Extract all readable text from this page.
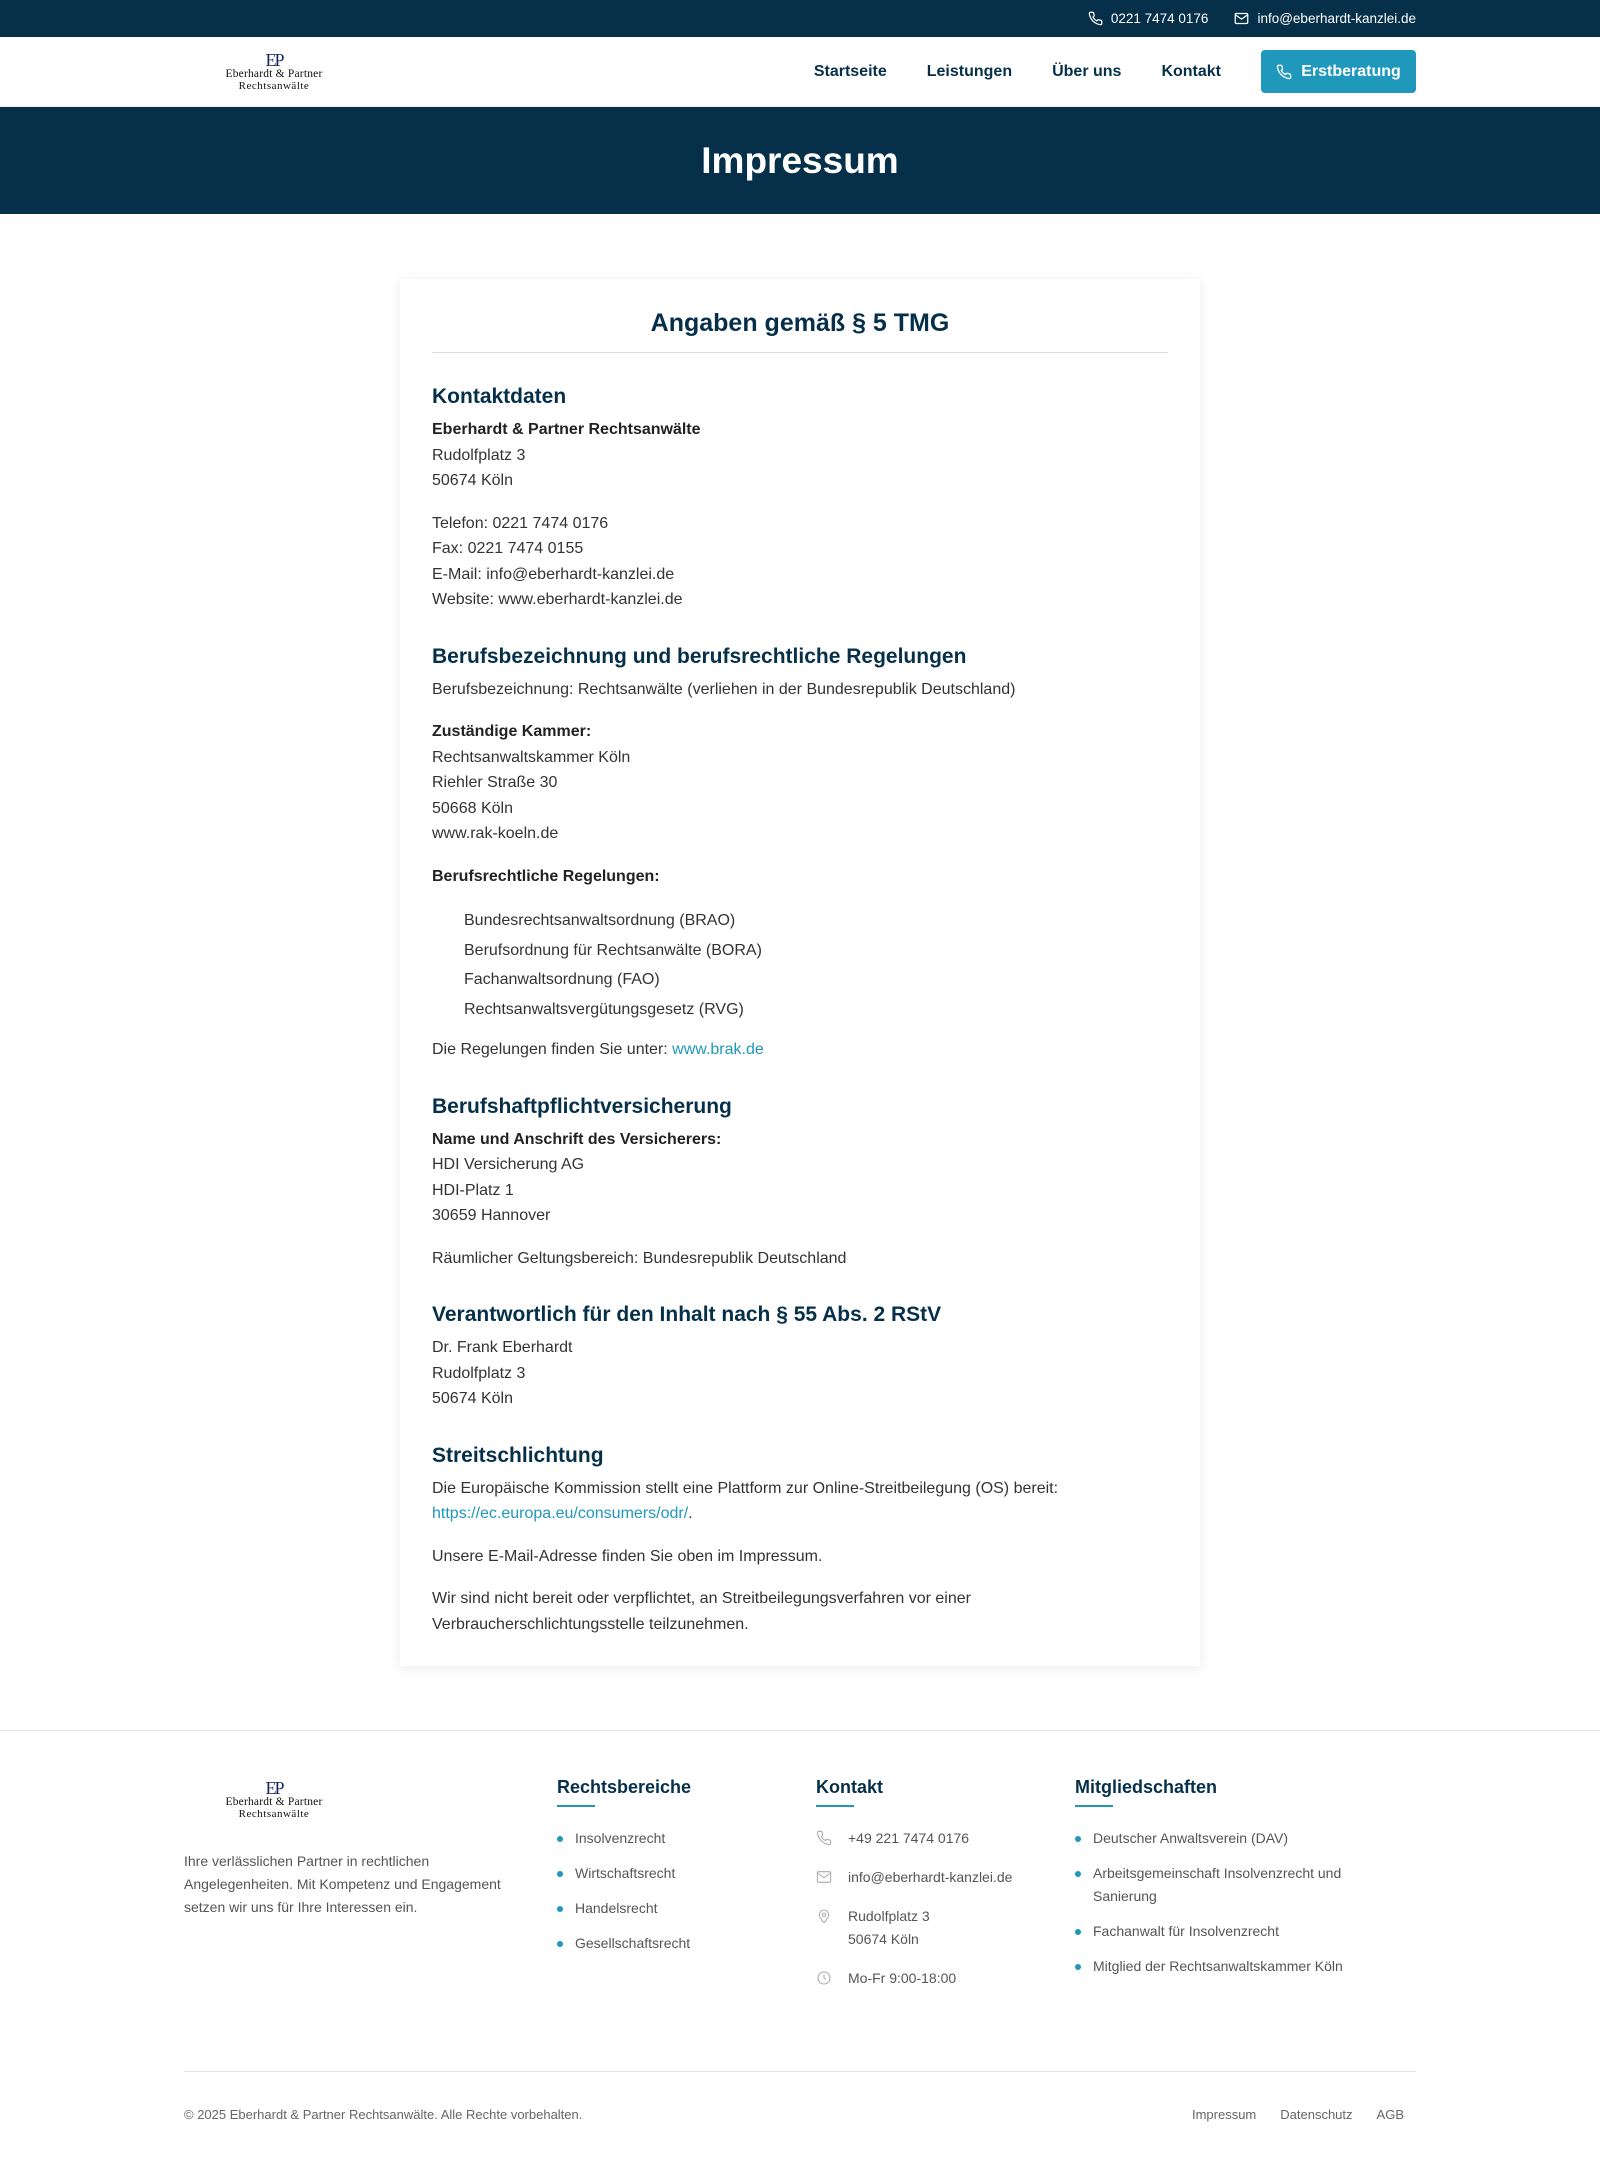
0221 7474 0176	info@eberhardt-kanzlei.de
EP
Eberhardt & Partner
Rechtsanwälte
Startseite	Leistungen	Über uns	Kontakt	Erstberatung
Impressum
Angaben gemäß § 5 TMG
Kontaktdaten

Eberhardt & Partner Rechtsanwälte
Rudolfplatz 3
50674 Köln

Telefon: 0221 7474 0176
Fax: 0221 7474 0155
E-Mail: info@eberhardt-kanzlei.de
Website: www.eberhardt-kanzlei.de

Berufsbezeichnung und berufsrechtliche Regelungen

Berufsbezeichnung: Rechtsanwälte (verliehen in der Bundesrepublik Deutschland)

Zuständige Kammer:
Rechtsanwaltskammer Köln
Riehler Straße 30
50668 Köln
www.rak-koeln.de

Berufsrechtliche Regelungen:

Bundesrechtsanwaltsordnung (BRAO)
Berufsordnung für Rechtsanwälte (BORA)
Fachanwaltsordnung (FAO)
Rechtsanwaltsvergütungsgesetz (RVG)

Die Regelungen finden Sie unter: www.brak.de

Berufshaftpflichtversicherung

Name und Anschrift des Versicherers:
HDI Versicherung AG
HDI-Platz 1
30659 Hannover

Räumlicher Geltungsbereich: Bundesrepublik Deutschland

Verantwortlich für den Inhalt nach § 55 Abs. 2 RStV

Dr. Frank Eberhardt
Rudolfplatz 3
50674 Köln

Streitschlichtung

Die Europäische Kommission stellt eine Plattform zur Online-Streitbeilegung (OS) bereit:
https://ec.europa.eu/consumers/odr/.

Unsere E-Mail-Adresse finden Sie oben im Impressum.

Wir sind nicht bereit oder verpflichtet, an Streitbeilegungsverfahren vor einer Verbraucherschlichtungsstelle teilzunehmen.

EP
Eberhardt & Partner
Rechtsanwälte

Ihre verlässlichen Partner in rechtlichen Angelegenheiten. Mit Kompetenz und Engagement setzen wir uns für Ihre Interessen ein.

Rechtsbereiche
Insolvenzrecht
Wirtschaftsrecht
Handelsrecht
Gesellschaftsrecht
Kontakt
+49 221 7474 0176
info@eberhardt-kanzlei.de
Rudolfplatz 3
50674 Köln
Mo-Fr 9:00-18:00
Mitgliedschaften
Deutscher Anwaltsverein (DAV)
Arbeitsgemeinschaft Insolvenzrecht und Sanierung
Fachanwalt für Insolvenzrecht
Mitglied der Rechtsanwaltskammer Köln
© 2025 Eberhardt & Partner Rechtsanwälte. Alle Rechte vorbehalten.	Impressum Datenschutz AGB
